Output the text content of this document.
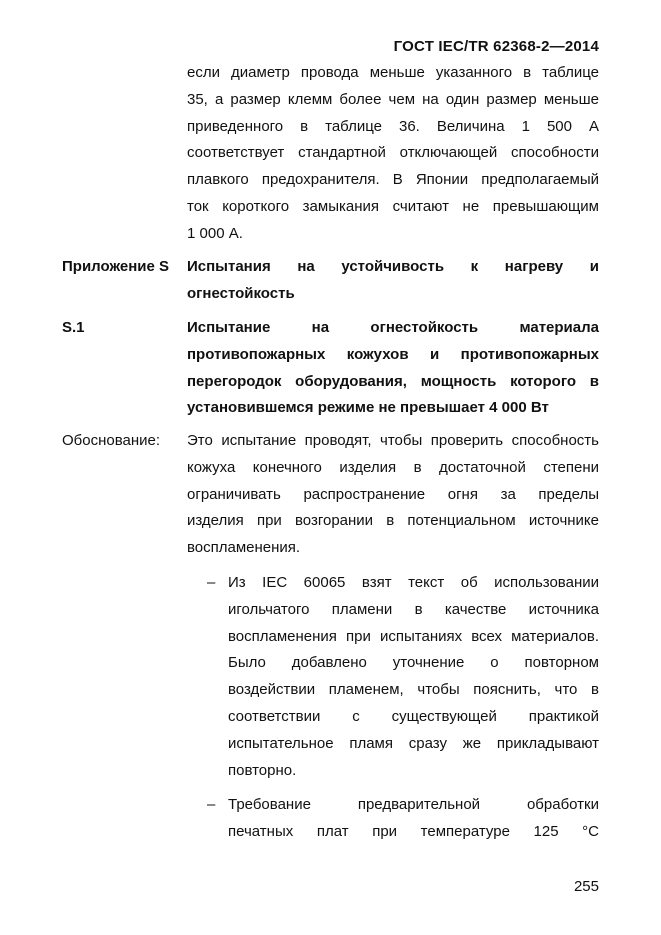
ГОСТ IEC/TR 62368-2—2014
если диаметр провода меньше указанного в таблице
35, а размер клемм более чем на один размер меньше
приведенного в таблице 36. Величина 1 500 А
соответствует стандартной отключающей способности
плавкого предохранителя. В Японии предполагаемый
ток короткого замыкания считают не превышающим
1 000 А.
Приложение S Испытания на устойчивость к нагреву и
огнестойкость
S.1	Испытание на огнестойкость материала
противопожарных кожухов и противопожарных
перегородок оборудования, мощность которого в
установившемся режиме не превышает 4 000 Вт
Обоснование: Это испытание проводят, чтобы проверить способность
кожуха конечного изделия в достаточной степени
ограничивать распространение огня за пределы
изделия при возгорании в потенциальном источнике
воспламенения.
– Из IEC 60065 взят текст об использовании
игольчатого пламени в качестве источника
воспламенения при испытаниях всех материалов.
Было добавлено уточнение о повторном
воздействии пламенем, чтобы пояснить, что в
соответствии с существующей практикой
испытательное пламя сразу же прикладывают
повторно.
– Требование предварительной обработки
печатных плат при температуре 125 °C
255
